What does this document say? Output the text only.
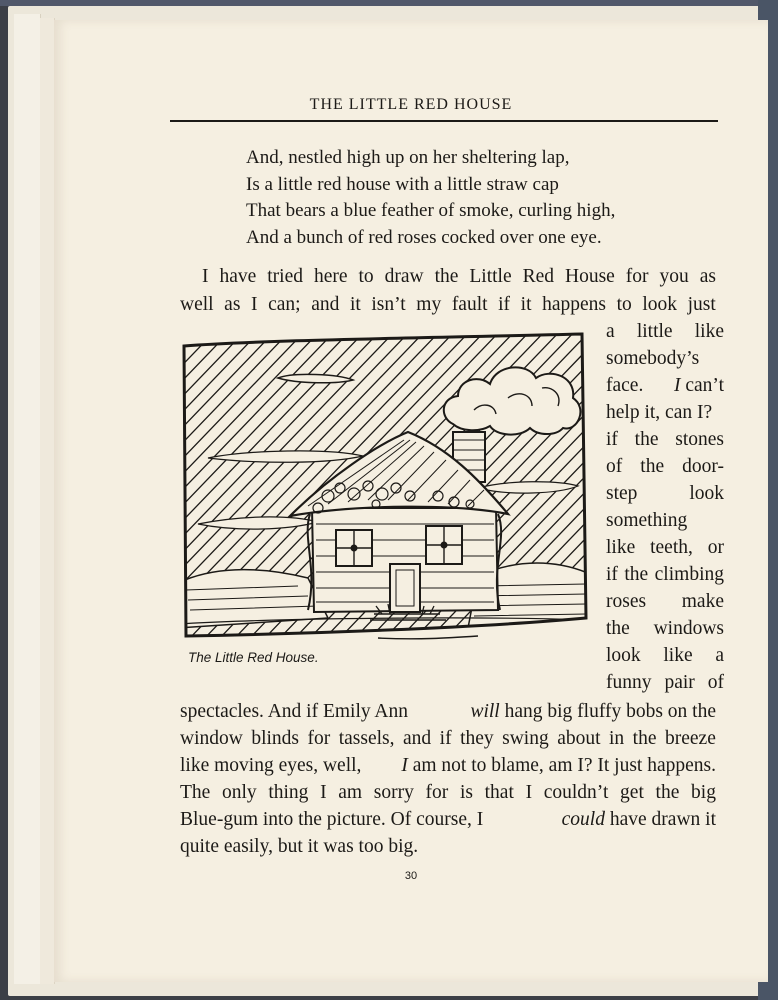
THE LITTLE RED HOUSE
And, nestled high up on her sheltering lap,
Is a little red house with a little straw cap
That bears a blue feather of smoke, curling high,
And a bunch of red roses cocked over one eye.
I have tried here to draw the Little Red House for you as
well as I can; and it isn’t my fault if it happens to look just
a little like
somebody’s
face. I can’t
help it, can I?
if the stones
of the door-
step	look
something
like teeth, or
if the climbing
roses make
the windows
look like a
funny pair of
spectacles. And if Emily Ann	will hang big fluffy bobs on the
window blinds for tassels, and if they swing about in the breeze
like moving eyes, well, I am not to blame, am I? It just happens.
The only thing I am sorry for is that I couldn’t get the big
Blue-gum into the picture. Of course, I	could have drawn it
quite easily, but it was too big.
The Little Red House.
30
